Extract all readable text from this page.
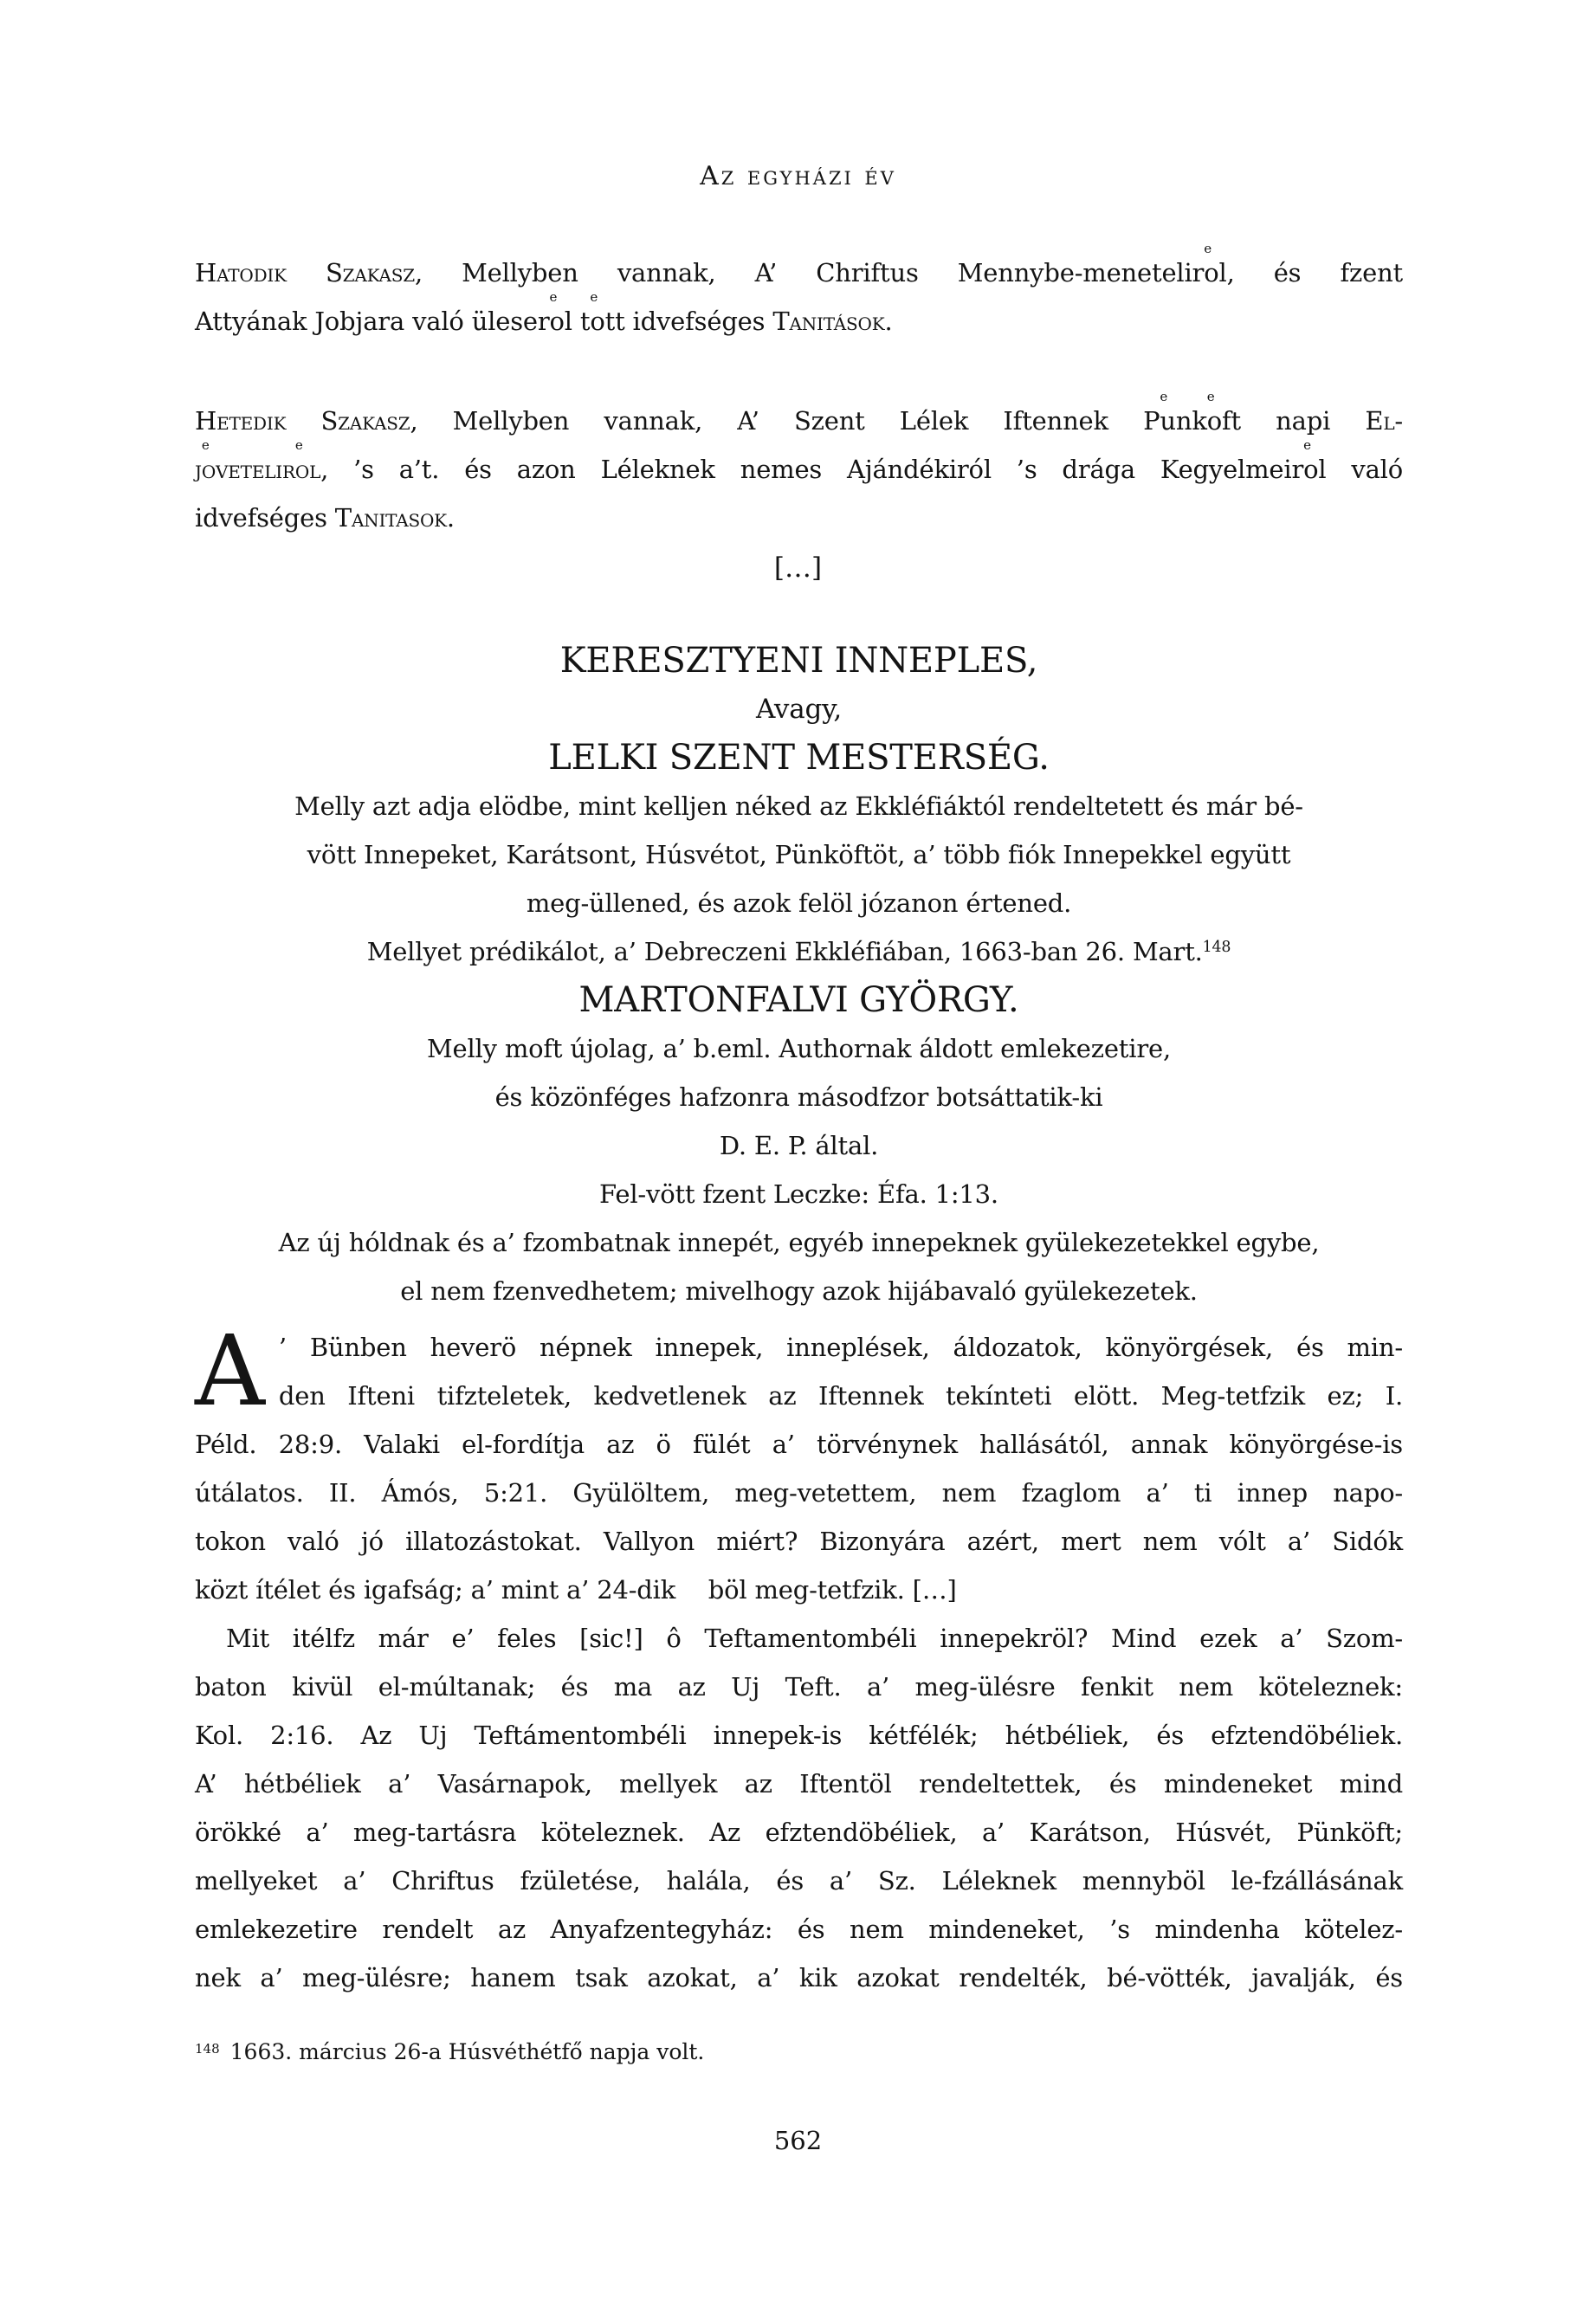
Az egyházi év
Hatodik Szakasz, Mellyben vannak, A’ Chriftus Mennybe-meneteliro
e
l, és fzent
Attyának Jobjara való ülesero
e
l to
e
tt idvefséges Tanitások.
Hetedik Szakasz, Mellyben vannak, A’ Szent Lélek Iftennek Pu
e
nko
e
ft napi El-
jo
e
veteliro
e
l, ’s a’t. és azon Léleknek nemes Ajándékiról ’s drága Kegyelmeiro
e
l való
idvefséges Tanitasok.
[…]
KERESZTYENI INNEPLES,
Avagy,
LELKI SZENT MESTERSÉG.
Melly azt adja elödbe, mint kelljen néked az Ekkléfiáktól rendeltetett és már bé-
vött Innepeket, Karátsont, Húsvétot, Pünköftöt, a’ több fiók Innepekkel együtt
meg-üllened, és azok felöl józanon értened.
Mellyet prédikálot, a’ Debreczeni Ekkléfiában, 1663-ban 26. Mart.$^{148}$
MARTONFALVI GYÖRGY.
Melly moft újolag, a’ b.eml. Authornak áldott emlekezetire,
és közönféges hafzonra másodfzor botsáttatik-ki
D. E. P. által.
Fel-vött fzent Leczke: Éfa. 1:13.
Az új hóldnak és a’ fzombatnak innepét, egyéb innepeknek gyülekezetekkel egybe,
el nem fzenvedhetem; mivelhogy azok hijábavaló gyülekezetek.
A ’ Bünben heverö népnek innepek, inneplések, áldozatok, könyörgések, és min-
den Ifteni tifzteletek, kedvetlenek az Iftennek tekínteti elött. Meg-tetfzik ez; I.
Péld. 28:9. Valaki el-fordítja az ö fülét a’ törvénynek hallásától, annak könyörgése-is
útálatos. II. Ámós, 5:21. Gyülöltem, meg-vetettem, nem fzaglom a’ ti innep napo-
tokon való jó illatozástokat. Vallyon miért? Bizonyára azért, mert nem vólt a’ Sidók
közt ítélet és igafság; a’ mint a’ 24-dik   böl meg-tetfzik. […]
Mit itélfz már e’ feles [sic!] ô Teftamentombéli innepekröl? Mind ezek a’ Szom-
baton kivül el-múltanak; és ma az Uj Teft. a’ meg-ülésre fenkit nem köteleznek:
Kol. 2:16. Az Uj Teftámentombéli innepek-is kétfélék; hétbéliek, és efztendöbéliek.
A’ hétbéliek a’ Vasárnapok, mellyek az Iftentöl rendeltettek, és mindeneket mind
örökké a’ meg-tartásra köteleznek. Az efztendöbéliek, a’ Karátson, Húsvét, Pünköft;
mellyeket a’ Chriftus fzületése, halála, és a’ Sz. Léleknek mennyböl le-fzállásának
emlekezetire rendelt az Anyafzentegyház: és nem mindeneket, ’s mindenha kötelez-
nek a’ meg-ülésre; hanem tsak azokat, a’ kik azokat rendelték, bé-vötték, javalják, és
$^{148}$ 1663. március 26-a Húsvéthétfő napja volt.
562
